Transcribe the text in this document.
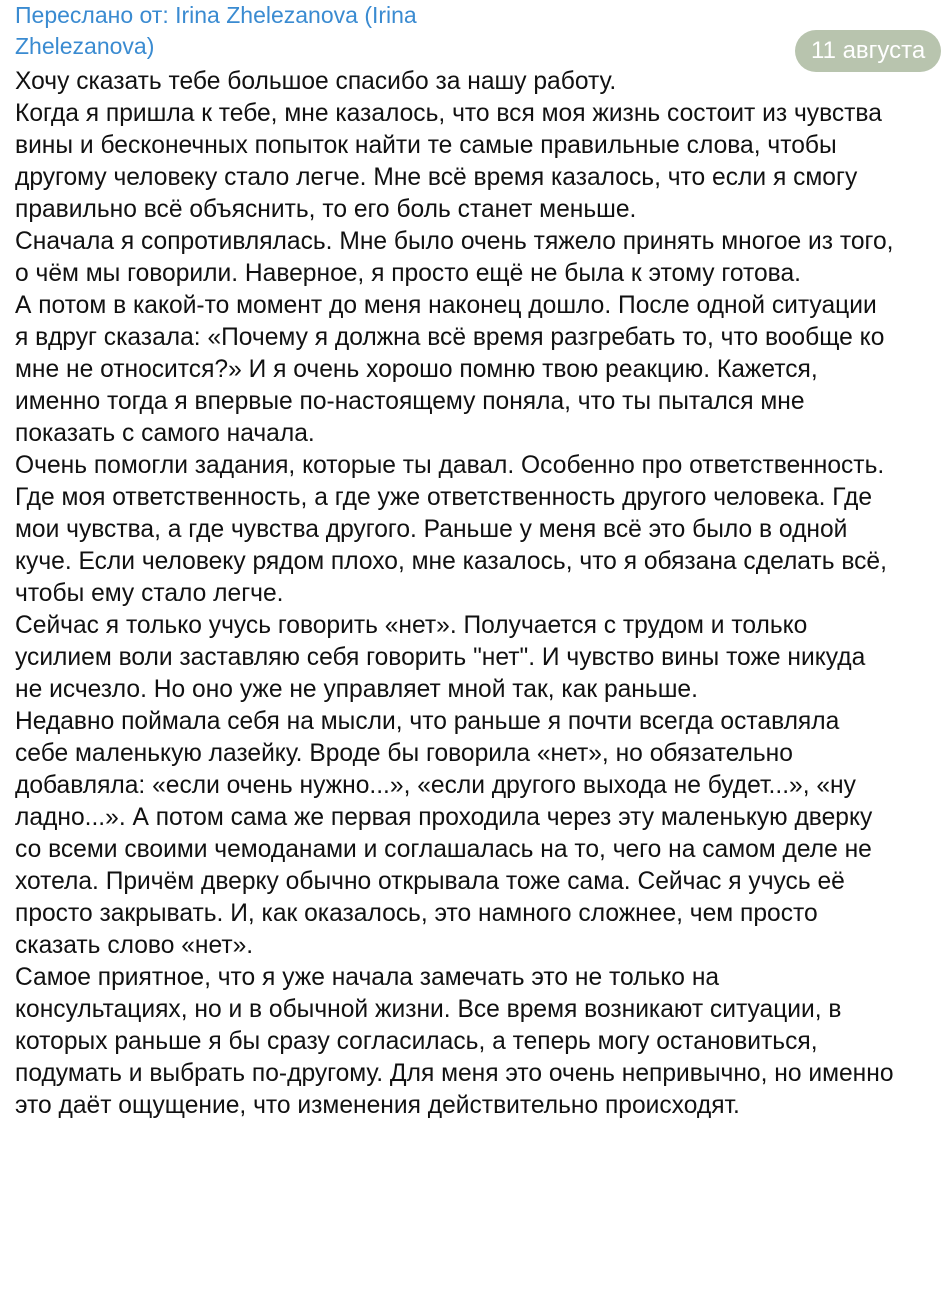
Переслано от: Irina Zhelezanova (Irina Zhelezanova)	11 августа

Хочу сказать тебе большое спасибо за нашу работу.

Когда я пришла к тебе, мне казалось, что вся моя жизнь состоит из чувства вины и бесконечных попыток найти те самые правильные слова, чтобы другому человеку стало легче. Мне всё время казалось, что если я смогу правильно всё объяснить, то его боль станет меньше.

Сначала я сопротивлялась. Мне было очень тяжело принять многое из того, о чём мы говорили. Наверное, я просто ещё не была к этому готова.

А потом в какой-то момент до меня наконец дошло. После одной ситуации я вдруг сказала: «Почему я должна всё время разгребать то, что вообще ко мне не относится?» И я очень хорошо помню твою реакцию. Кажется, именно тогда я впервые по-настоящему поняла, что ты пытался мне показать с самого начала.

Очень помогли задания, которые ты давал. Особенно про ответственность. Где моя ответственность, а где уже ответственность другого человека. Где мои чувства, а где чувства другого. Раньше у меня всё это было в одной куче. Если человеку рядом плохо, мне казалось, что я обязана сделать всё, чтобы ему стало легче.

Сейчас я только учусь говорить «нет». Получается с трудом и только усилием воли заставляю себя говорить "нет". И чувство вины тоже никуда не исчезло. Но оно уже не управляет мной так, как раньше.

Недавно поймала себя на мысли, что раньше я почти всегда оставляла себе маленькую лазейку. Вроде бы говорила «нет», но обязательно добавляла: «если очень нужно...», «если другого выхода не будет...», «ну ладно...». А потом сама же первая проходила через эту маленькую дверку со всеми своими чемоданами и соглашалась на то, чего на самом деле не хотела. Причём дверку обычно открывала тоже сама. Сейчас я учусь её просто закрывать. И, как оказалось, это намного сложнее, чем просто сказать слово «нет».

Самое приятное, что я уже начала замечать это не только на консультациях, но и в обычной жизни. Все время возникают ситуации, в которых раньше я бы сразу согласилась, а теперь могу остановиться, подумать и выбрать по-другому. Для меня это очень непривычно, но именно это даёт ощущение, что изменения действительно происходят.
